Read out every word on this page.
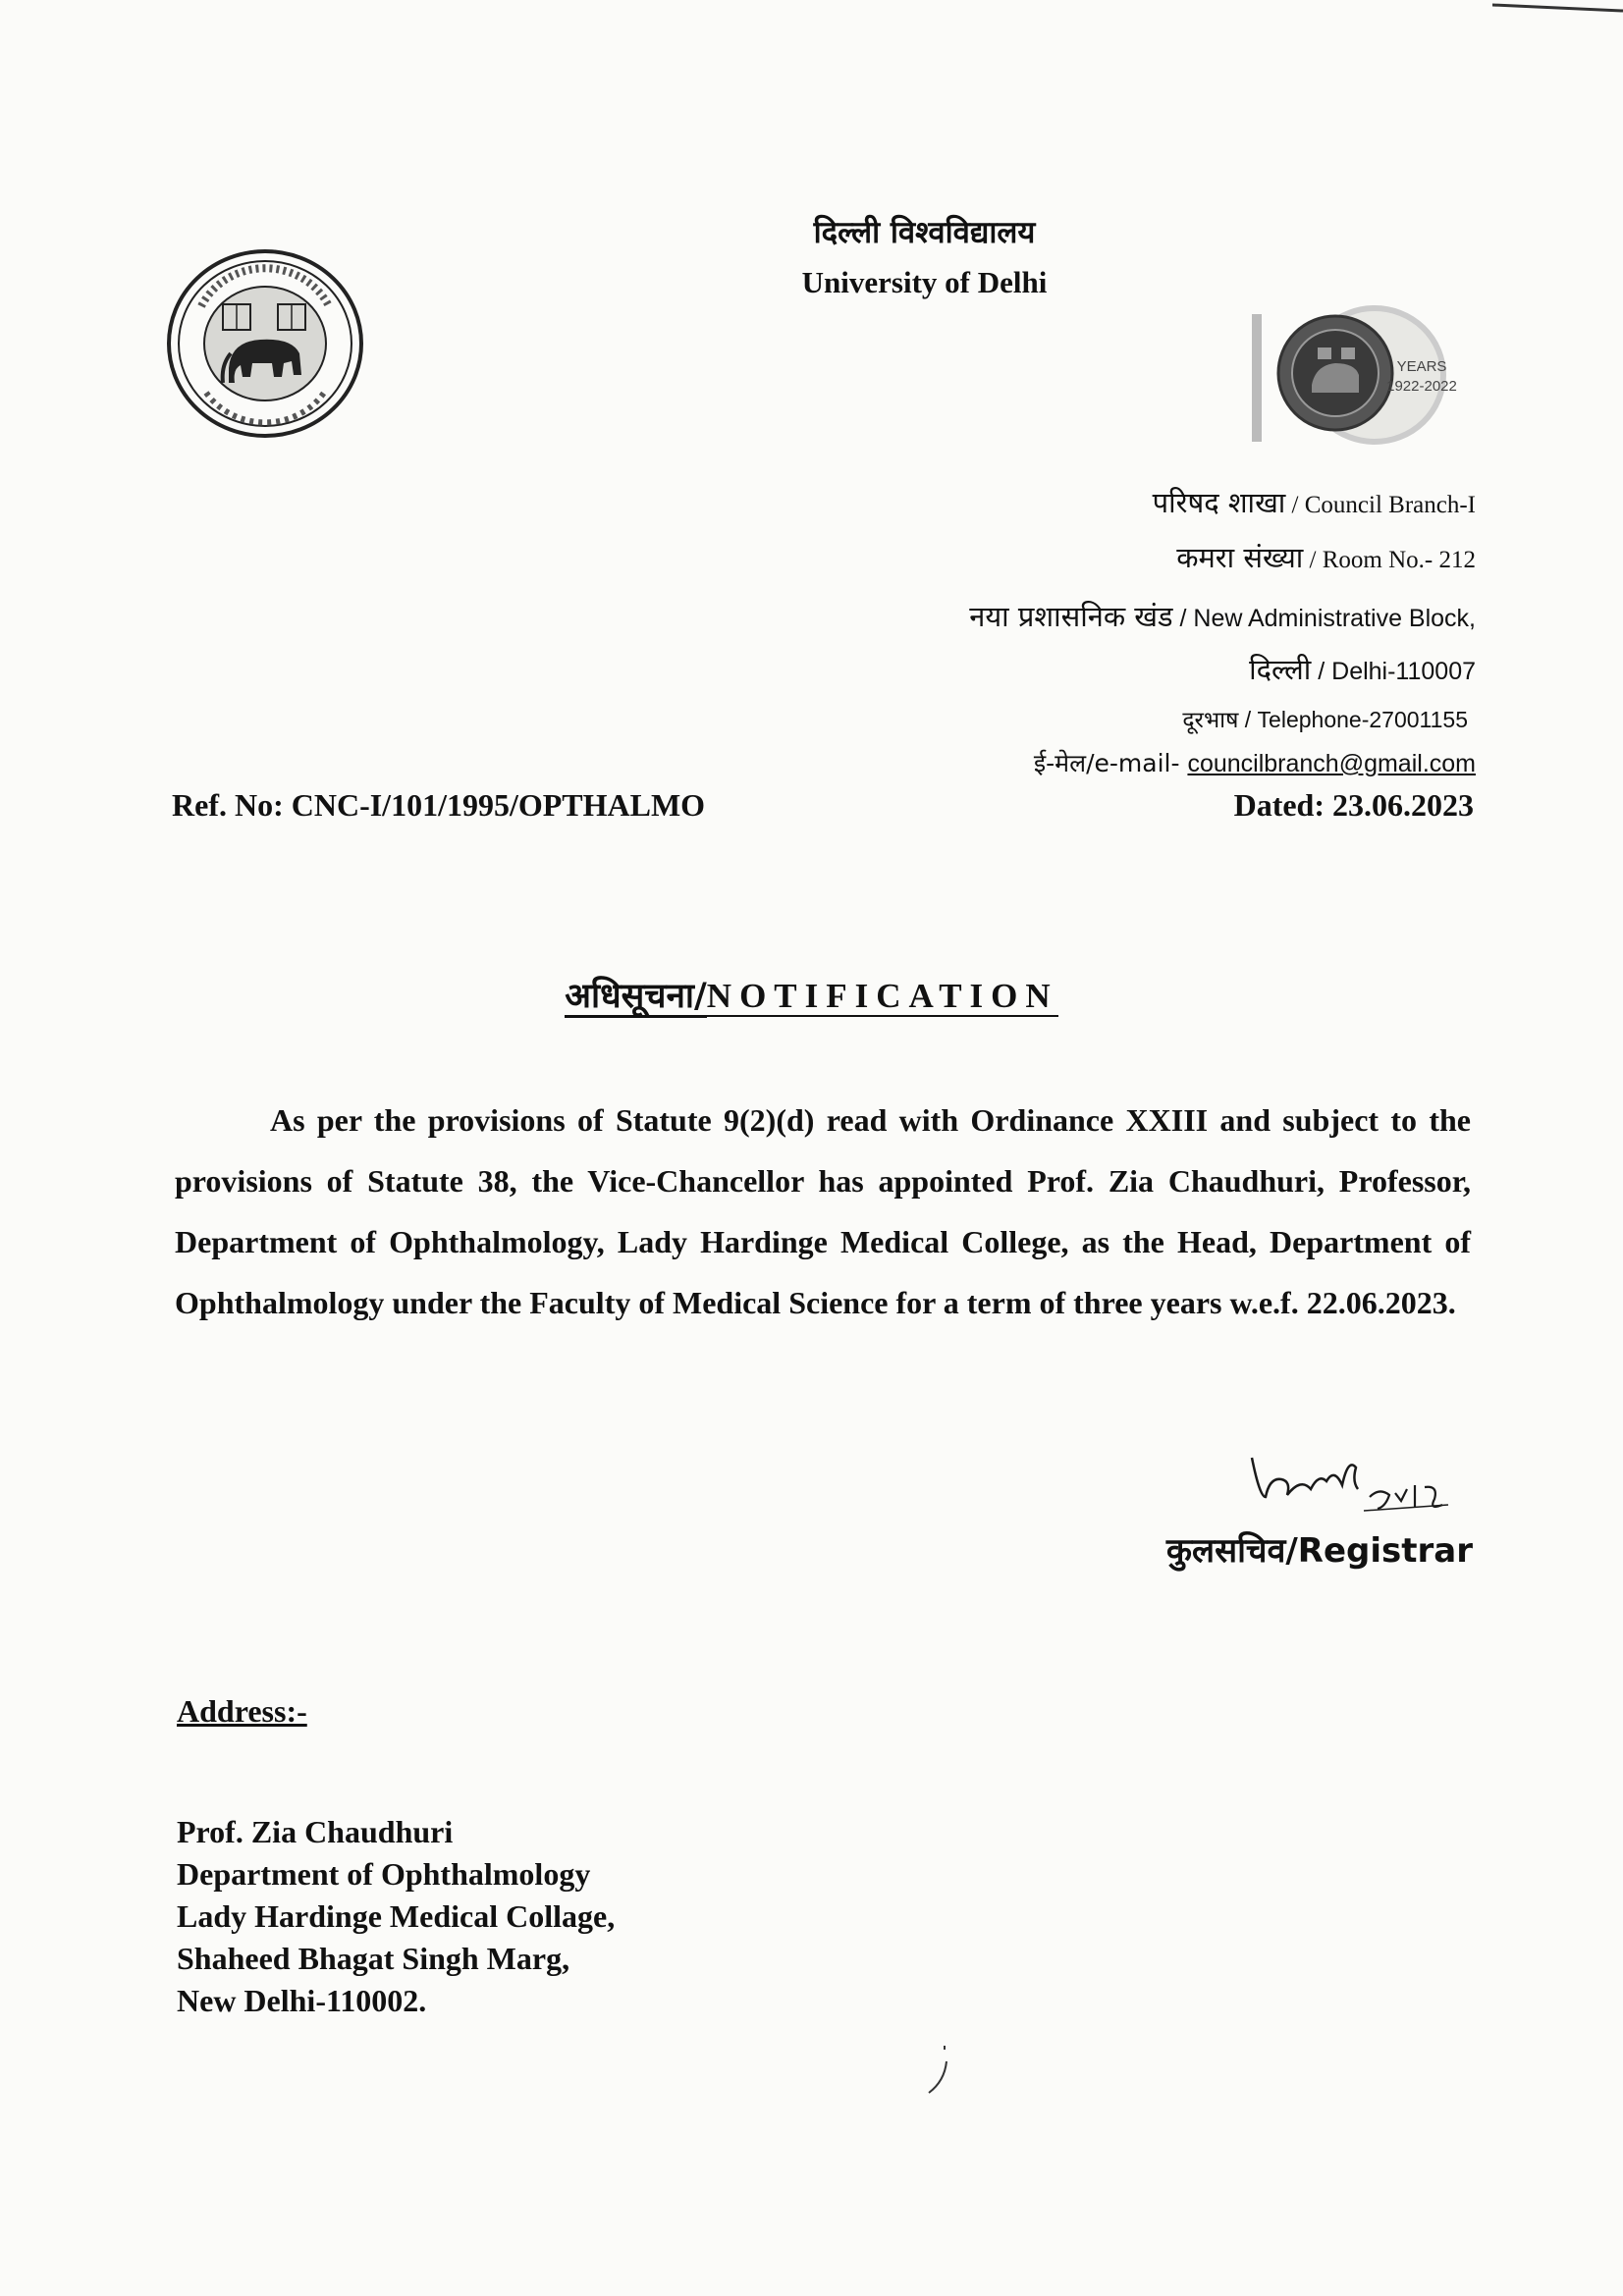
दिल्ली विश्वविद्यालय
University of Delhi
YEARS
1922-2022
परिषद शाखा / Council Branch-I
कमरा संख्या / Room No.- 212
नया प्रशासनिक खंड / New Administrative Block,
दिल्ली / Delhi-110007
दूरभाष / Telephone-27001155
ई-मेल/e-mail- councilbranch@gmail.com
Ref. No: CNC-I/101/1995/OPTHALMO	Dated: 23.06.2023
अधिसूचना/NOTIFICATION
As per the provisions of Statute 9(2)(d) read with Ordinance XXIII and subject to the provisions of Statute 38, the Vice-Chancellor has appointed Prof. Zia Chaudhuri, Professor, Department of Ophthalmology, Lady Hardinge Medical College, as the Head, Department of Ophthalmology under the Faculty of Medical Science for a term of three years w.e.f. 22.06.2023.
कुलसचिव/Registrar
Address:-
Prof. Zia Chaudhuri
Department of Ophthalmology
Lady Hardinge Medical Collage,
Shaheed Bhagat Singh Marg,
New Delhi-110002.
